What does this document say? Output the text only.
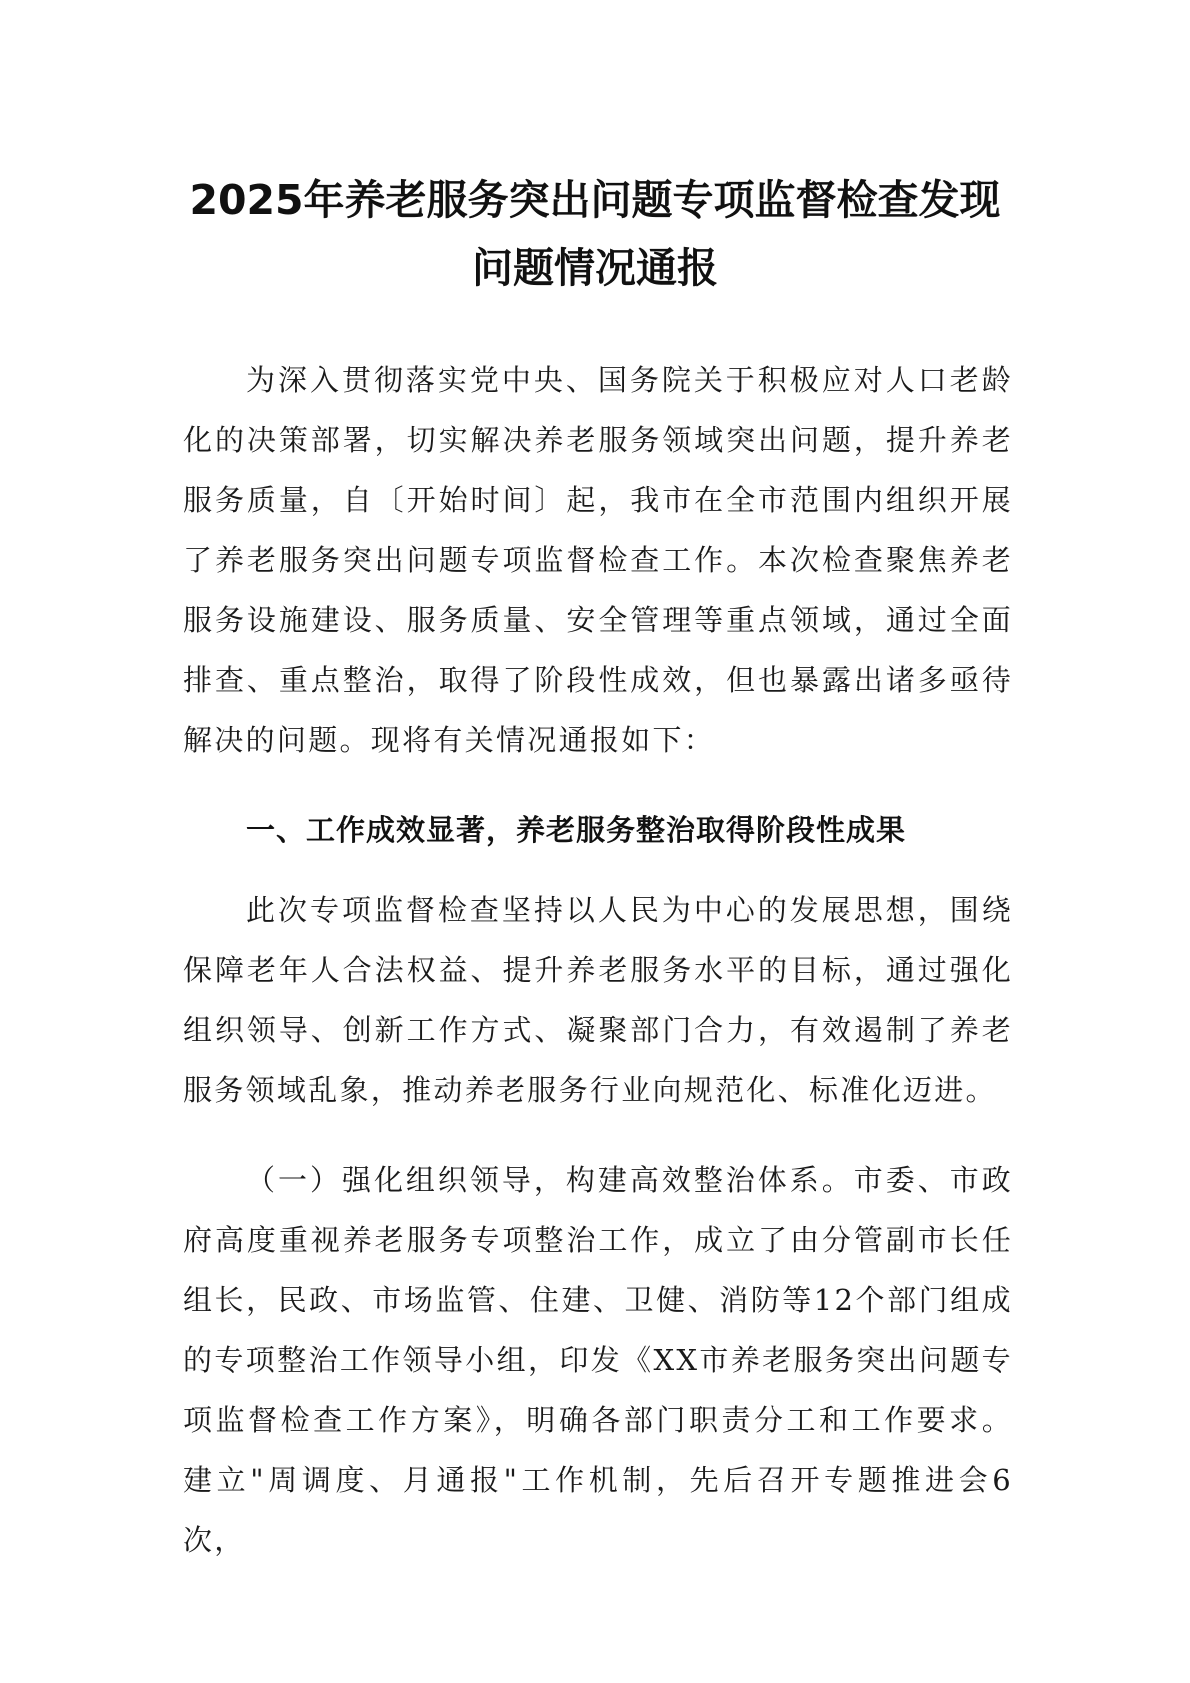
2025年养老服务突出问题专项监督检查发现
问题情况通报

为深入贯彻落实党中央、国务院关于积极应对人口老龄化的决策部署，切实解决养老服务领域突出问题，提升养老服务质量，自〔开始时间〕起，我市在全市范围内组织开展了养老服务突出问题专项监督检查工作。本次检查聚焦养老服务设施建设、服务质量、安全管理等重点领域，通过全面排查、重点整治，取得了阶段性成效，但也暴露出诸多亟待解决的问题。现将有关情况通报如下：

一、工作成效显著，养老服务整治取得阶段性成果

此次专项监督检查坚持以人民为中心的发展思想，围绕保障老年人合法权益、提升养老服务水平的目标，通过强化组织领导、创新工作方式、凝聚部门合力，有效遏制了养老服务领域乱象，推动养老服务行业向规范化、标准化迈进。

（一）强化组织领导，构建高效整治体系。市委、市政府高度重视养老服务专项整治工作，成立了由分管副市长任组长，民政、市场监管、住建、卫健、消防等12个部门组成的专项整治工作领导小组，印发《XX市养老服务突出问题专项监督检查工作方案》，明确各部门职责分工和工作要求。建立"周调度、月通报"工作机制，先后召开专题推进会6次，
